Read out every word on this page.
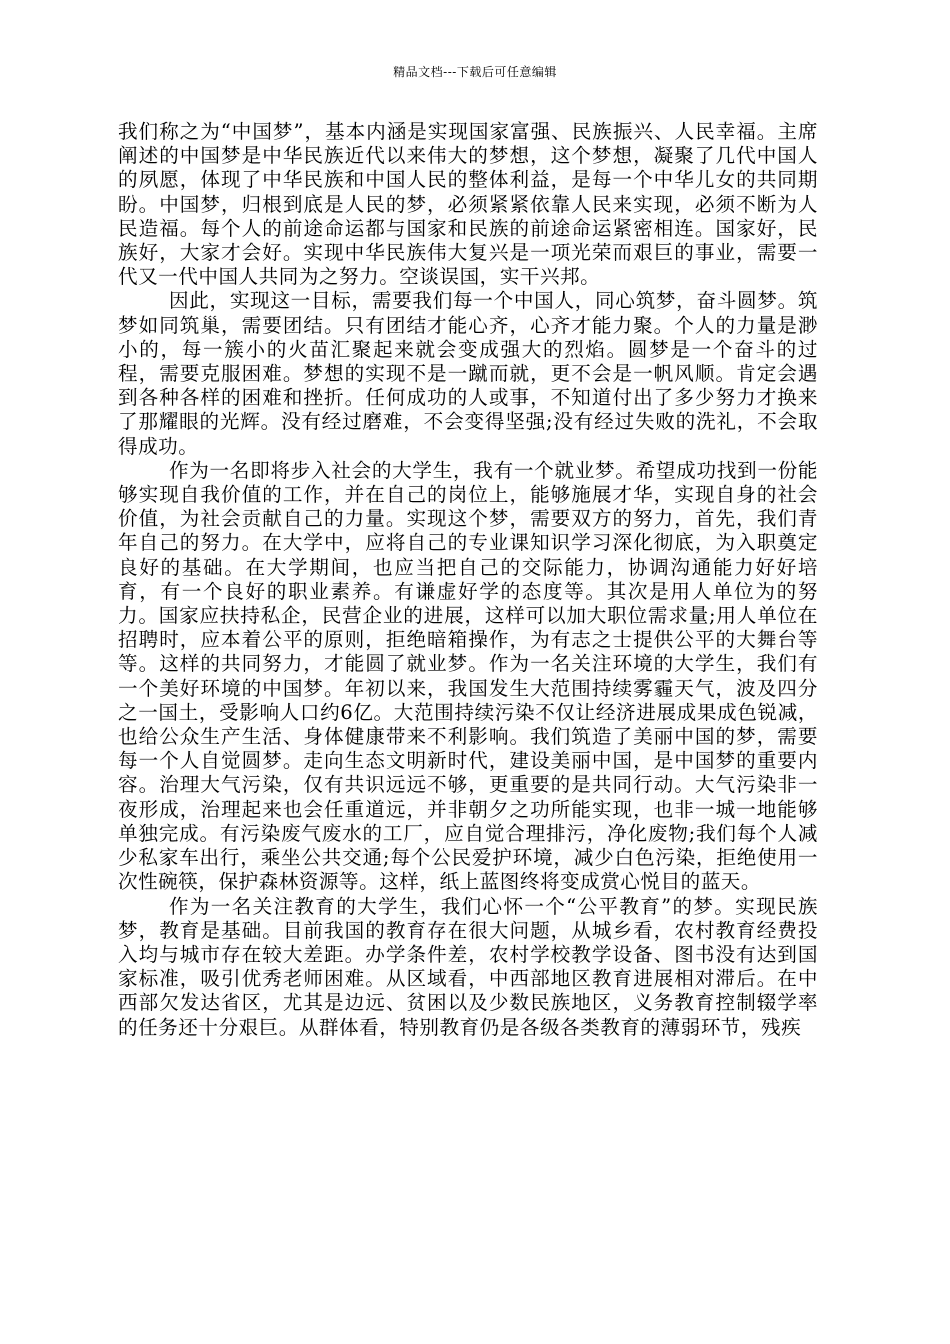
精品文档---下载后可任意编辑

我们称之为“中国梦”，基本内涵是实现国家富强、民族振兴、人民幸福。主席阐述的中国梦是中华民族近代以来伟大的梦想，这个梦想，凝聚了几代中国人的夙愿，体现了中华民族和中国人民的整体利益，是每一个中华儿女的共同期盼。中国梦，归根到底是人民的梦，必须紧紧依靠人民来实现，必须不断为人民造福。每个人的前途命运都与国家和民族的前途命运紧密相连。国家好，民族好，大家才会好。实现中华民族伟大复兴是一项光荣而艰巨的事业，需要一代又一代中国人共同为之努力。空谈误国，实干兴邦。

因此，实现这一目标，需要我们每一个中国人，同心筑梦，奋斗圆梦。筑梦如同筑巢，需要团结。只有团结才能心齐，心齐才能力聚。个人的力量是渺小的，每一簇小的火苗汇聚起来就会变成强大的烈焰。圆梦是一个奋斗的过程，需要克服困难。梦想的实现不是一蹴而就，更不会是一帆风顺。肯定会遇到各种各样的困难和挫折。任何成功的人或事，不知道付出了多少努力才换来了那耀眼的光辉。没有经过磨难，不会变得坚强;没有经过失败的洗礼，不会取得成功。

作为一名即将步入社会的大学生，我有一个就业梦。希望成功找到一份能够实现自我价值的工作，并在自己的岗位上，能够施展才华，实现自身的社会价值，为社会贡献自己的力量。实现这个梦，需要双方的努力，首先，我们青年自己的努力。在大学中，应将自己的专业课知识学习深化彻底，为入职奠定良好的基础。在大学期间，也应当把自己的交际能力，协调沟通能力好好培育，有一个良好的职业素养。有谦虚好学的态度等。其次是用人单位为的努力。国家应扶持私企，民营企业的进展，这样可以加大职位需求量;用人单位在招聘时，应本着公平的原则，拒绝暗箱操作，为有志之士提供公平的大舞台等等。这样的共同努力，才能圆了就业梦。作为一名关注环境的大学生，我们有一个美好环境的中国梦。年初以来，我国发生大范围持续雾霾天气，波及四分之一国土，受影响人口约6亿。大范围持续污染不仅让经济进展成果成色锐减，也给公众生产生活、身体健康带来不利影响。我们筑造了美丽中国的梦，需要每一个人自觉圆梦。走向生态文明新时代，建设美丽中国，是中国梦的重要内容。治理大气污染，仅有共识远远不够，更重要的是共同行动。大气污染非一夜形成，治理起来也会任重道远，并非朝夕之功所能实现，也非一城一地能够单独完成。有污染废气废水的工厂，应自觉合理排污，净化废物;我们每个人减少私家车出行，乘坐公共交通;每个公民爱护环境，减少白色污染，拒绝使用一次性碗筷，保护森林资源等。这样，纸上蓝图终将变成赏心悦目的蓝天。

作为一名关注教育的大学生，我们心怀一个“公平教育”的梦。实现民族梦，教育是基础。目前我国的教育存在很大问题，从城乡看，农村教育经费投入均与城市存在较大差距。办学条件差，农村学校教学设备、图书没有达到国家标准，吸引优秀老师困难。从区域看，中西部地区教育进展相对滞后。在中西部欠发达省区，尤其是边远、贫困以及少数民族地区，义务教育控制辍学率的任务还十分艰巨。从群体看，特别教育仍是各级各类教育的薄弱环节，残疾
